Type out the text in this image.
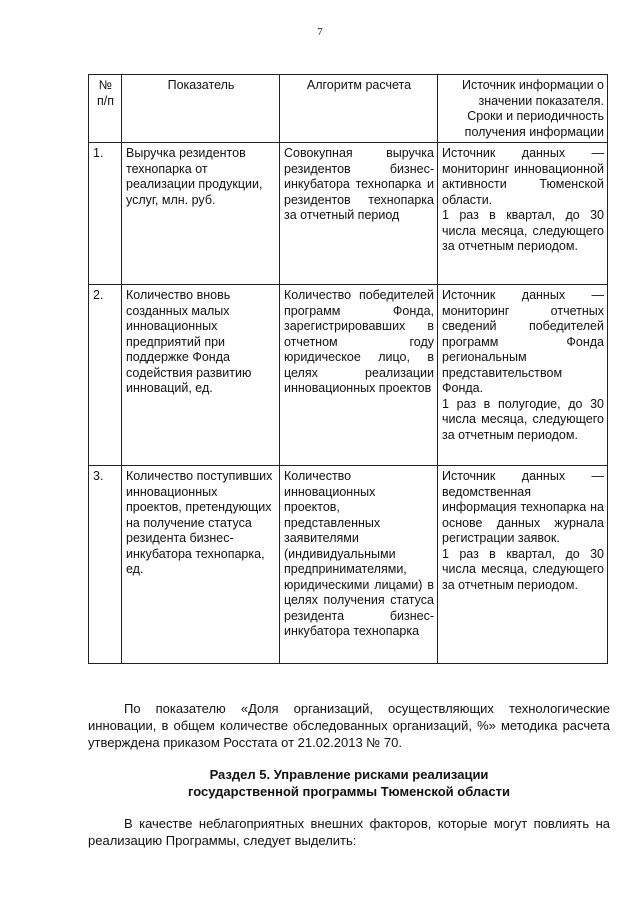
7
№ п/п	Показатель	Алгоритм расчета	Источник информации о значении показателя. Сроки и периодичность получения информации
1.	Выручка резидентов технопарка от реализации продукции, услуг, млн. руб.	Совокупная выручка резидентов бизнес-инкубатора технопарка и резидентов технопарка за отчетный период	Источник данных — мониторинг инновационной активности Тюменской области.
1 раз в квартал, до 30 числа месяца, следующего за отчетным периодом.

2.	Количество вновь созданных малых инновационных предприятий при поддержке Фонда содействия развитию инноваций, ед.	Количество победителей программ Фонда, зарегистрировавших в отчетном году юридическое лицо, в целях реализации инновационных проектов	Источник данных — мониторинг отчетных сведений победителей программ Фонда региональным представительством Фонда.
1 раз в полугодие, до 30 числа месяца, следующего за отчетным периодом.

3.	Количество поступивших инновационных проектов, претендующих на получение статуса резидента бизнес-инкубатора технопарка, ед.	Количество инновационных проектов, представленных заявителями (индивидуальными предпринимателями, юридическими лицами) в целях получения статуса резидента бизнес-инкубатора технопарка	Источник данных — ведомственная информация технопарка на основе данных журнала регистрации заявок.
1 раз в квартал, до 30 числа месяца, следующего за отчетным периодом.
По показателю «Доля организаций, осуществляющих технологические инновации, в общем количестве обследованных организаций, %» методика расчета утверждена приказом Росстата от 21.02.2013 № 70.
Раздел 5. Управление рисками реализации
государственной программы Тюменской области
В качестве неблагоприятных внешних факторов, которые могут повлиять на реализацию Программы, следует выделить:
